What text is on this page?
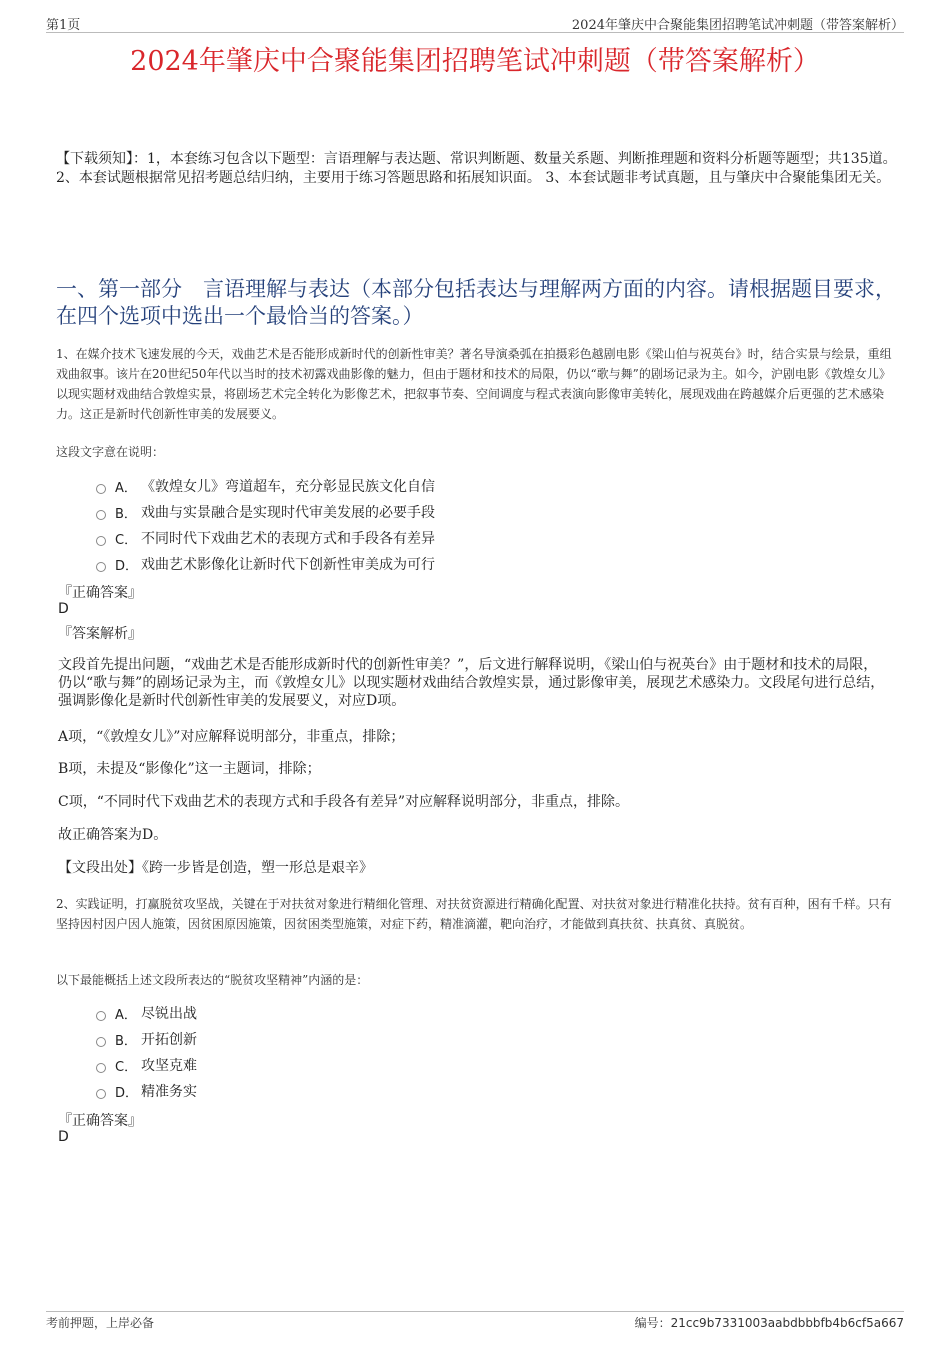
第1页	2024年肇庆中合聚能集团招聘笔试冲刺题（带答案解析）
2024年肇庆中合聚能集团招聘笔试冲刺题（带答案解析）
【下载须知】：1，本套练习包含以下题型：言语理解与表达题、常识判断题、数量关系题、判断推理题和资料分析题等题型；共135道。 2、本套试题根据常见招考题总结归纳，主要用于练习答题思路和拓展知识面。 3、本套试题非考试真题，且与肇庆中合聚能集团无关。
一、第一部分　言语理解与表达（本部分包括表达与理解两方面的内容。请根据题目要求，在四个选项中选出一个最恰当的答案。）
1、在媒介技术飞速发展的今天，戏曲艺术是否能形成新时代的创新性审美？著名导演桑弧在拍摄彩色越剧电影《梁山伯与祝英台》时，结合实景与绘景，重组戏曲叙事。该片在20世纪50年代以当时的技术初露戏曲影像的魅力，但由于题材和技术的局限，仍以“歌与舞”的剧场记录为主。如今，沪剧电影《敦煌女儿》以现实题材戏曲结合敦煌实景，将剧场艺术完全转化为影像艺术，把叙事节奏、空间调度与程式表演向影像审美转化，展现戏曲在跨越媒介后更强的艺术感染力。这正是新时代创新性审美的发展要义。
这段文字意在说明：
A． 《敦煌女儿》弯道超车，充分彰显民族文化自信
B． 戏曲与实景融合是实现时代审美发展的必要手段
C． 不同时代下戏曲艺术的表现方式和手段各有差异
D． 戏曲艺术影像化让新时代下创新性审美成为可行
『正确答案』
D
『答案解析』
文段首先提出问题，“戏曲艺术是否能形成新时代的创新性审美？”，后文进行解释说明，《梁山伯与祝英台》由于题材和技术的局限，仍以“歌与舞”的剧场记录为主，而《敦煌女儿》以现实题材戏曲结合敦煌实景，通过影像审美，展现艺术感染力。文段尾句进行总结，强调影像化是新时代创新性审美的发展要义，对应D项。
A项，“《敦煌女儿》”对应解释说明部分，非重点，排除；
B项，未提及“影像化”这一主题词，排除；
C项，“不同时代下戏曲艺术的表现方式和手段各有差异”对应解释说明部分，非重点，排除。
故正确答案为D。
【文段出处】《跨一步皆是创造，塑一形总是艰辛》
2、实践证明，打赢脱贫攻坚战，关键在于对扶贫对象进行精细化管理、对扶贫资源进行精确化配置、对扶贫对象进行精准化扶持。贫有百种，困有千样。只有坚持因村因户因人施策，因贫困原因施策，因贫困类型施策，对症下药，精准滴灌，靶向治疗，才能做到真扶贫、扶真贫、真脱贫。
以下最能概括上述文段所表达的“脱贫攻坚精神”内涵的是：
A． 尽锐出战
B． 开拓创新
C． 攻坚克难
D． 精准务实
『正确答案』
D
考前押题，上岸必备	编号：21cc9b7331003aabdbbbfb4b6cf5a667
